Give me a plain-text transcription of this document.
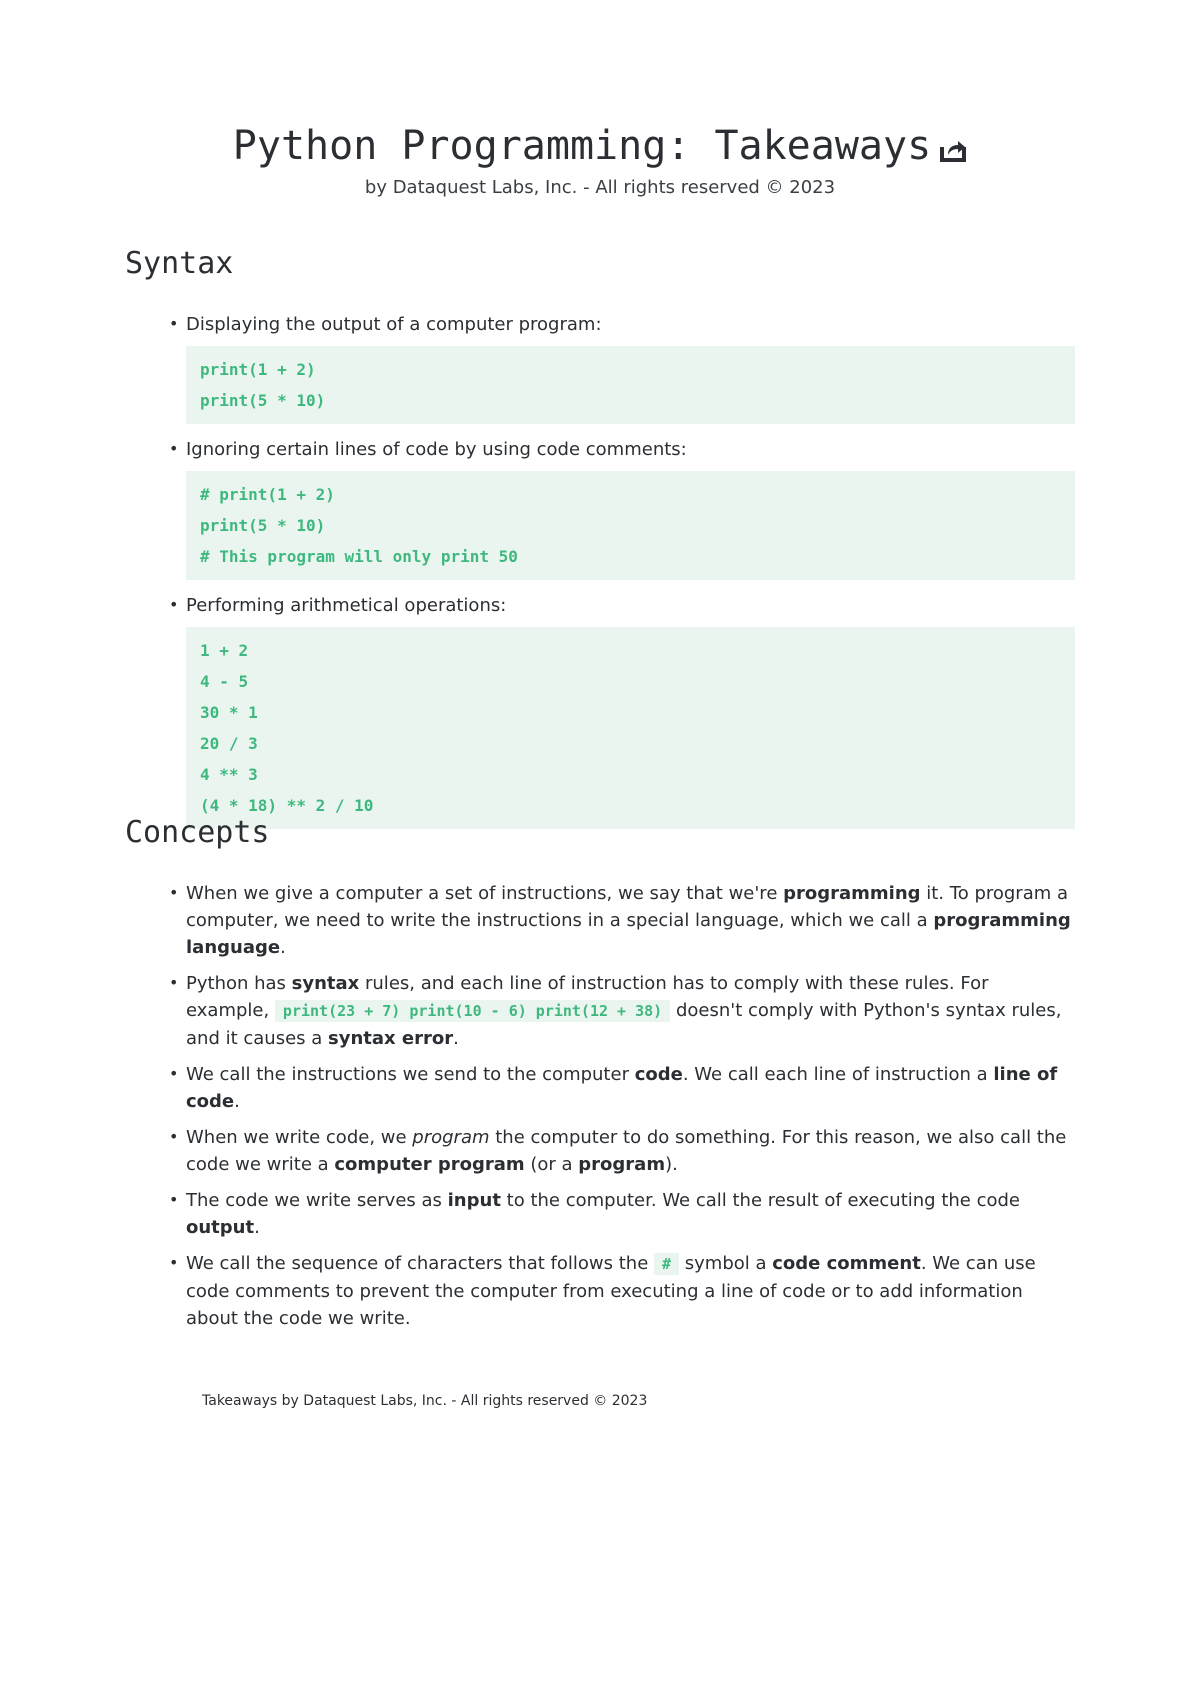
Python Programming: Takeaways
by Dataquest Labs, Inc. - All rights reserved © 2023
Syntax
• Displaying the output of a computer program:
print(1 + 2)
print(5 * 10)
• Ignoring certain lines of code by using code comments:
# print(1 + 2)
print(5 * 10)
# This program will only print 50
• Performing arithmetical operations:
1 + 2
4 - 5
30 * 1
20 / 3
4 ** 3
(4 * 18) ** 2 / 10
Concepts
• When we give a computer a set of instructions, we say that we're programming it. To program a computer, we need to write the instructions in a special language, which we call a programming language.
• Python has syntax rules, and each line of instruction has to comply with these rules. For example, print(23 + 7) print(10 - 6) print(12 + 38) doesn't comply with Python's syntax rules, and it causes a syntax error.
• We call the instructions we send to the computer code. We call each line of instruction a line of code.
• When we write code, we program the computer to do something. For this reason, we also call the code we write a computer program (or a program).
• The code we write serves as input to the computer. We call the result of executing the code output.
• We call the sequence of characters that follows the # symbol a code comment. We can use code comments to prevent the computer from executing a line of code or to add information about the code we write.
Takeaways by Dataquest Labs, Inc. - All rights reserved © 2023
